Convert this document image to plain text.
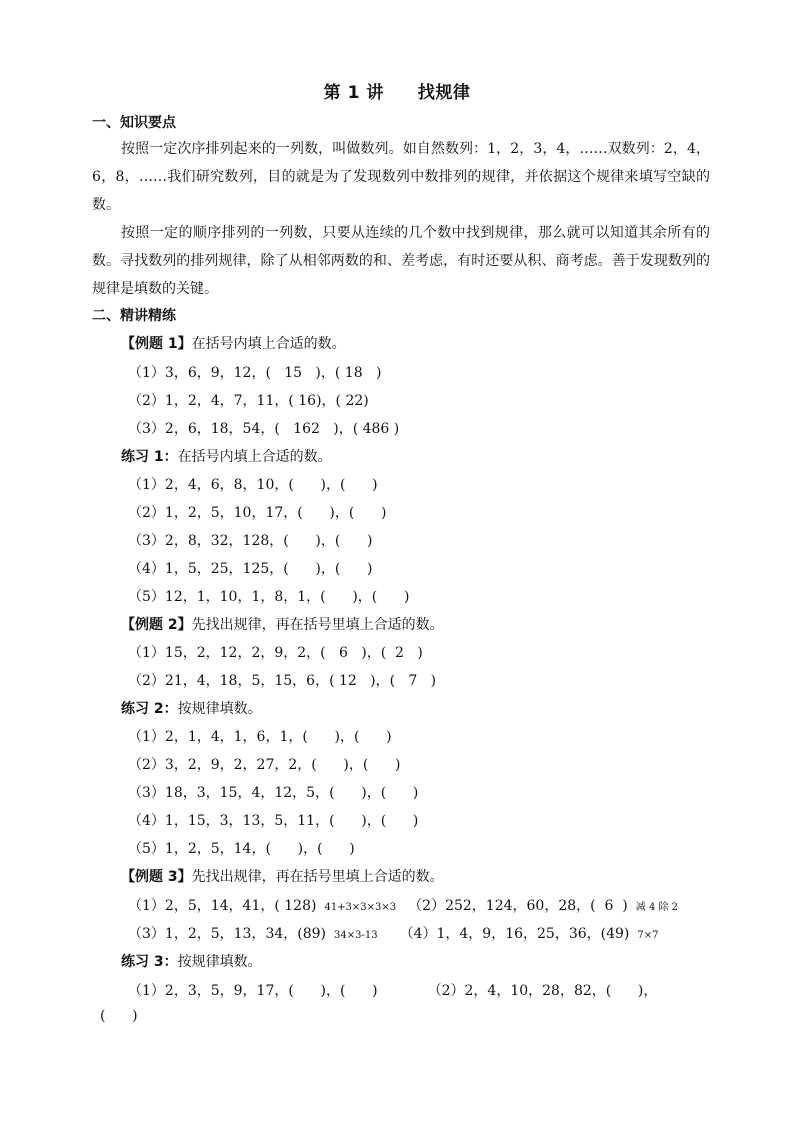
第 1 讲 找规律
一、知识要点
按照一定次序排列起来的一列数，叫做数列。如自然数列：1，2，3，4，……双数列：2，4，6，8，……我们研究数列，目的就是为了发现数列中数排列的规律，并依据这个规律来填写空缺的数。
按照一定的顺序排列的一列数，只要从连续的几个数中找到规律，那么就可以知道其余所有的数。寻找数列的排列规律，除了从相邻两数的和、差考虑，有时还要从积、商考虑。善于发现数列的规律是填数的关键。
二、精讲精练
【例题 1】在括号内填上合适的数。
（1）3，6，9，12，(   15   )，( 18   )
（2）1，2，4，7，11，( 16)，( 22)
（3）2，6，18，54，(   162   )，( 486 )
练习 1：在括号内填上合适的数。
（1）2，4，6，8，10，(      )，(      )
（2）1，2，5，10，17，(      )，(      )
（3）2，8，32，128，(      )，(      )
（4）1，5，25，125，(      )，(      )
（5）12，1，10，1，8，1，(      )，(      )
【例题 2】先找出规律，再在括号里填上合适的数。
（1）15，2，12，2，9，2，(   6   )，(  2   )
（2）21，4，18，5，15，6，( 12   )，(   7   )
练习 2：按规律填数。
（1）2，1，4，1，6，1，(      )，(      )
（2）3，2，9，2，27，2，(      )，(      )
（3）18，3，15，4，12，5，(      )，(      )
（4）1，15，3，13，5，11，(      )，(      )
（5）1，2，5，14，(      )，(      )
【例题 3】先找出规律，再在括号里填上合适的数。
（1）2，5，14，41，( 128) 41+3×3×3×3 （2）252，124，60，28，(  6  ) 减 4 除 2
（3）1，2，5，13，34，(89) 34×3-13 （4）1，4，9，16，25，36，(49) 7×7
练习 3：按规律填数。
（1）2，3，5，9，17，(      )，(      )	（2）2，4，10，28，82，(      )，
(      )
